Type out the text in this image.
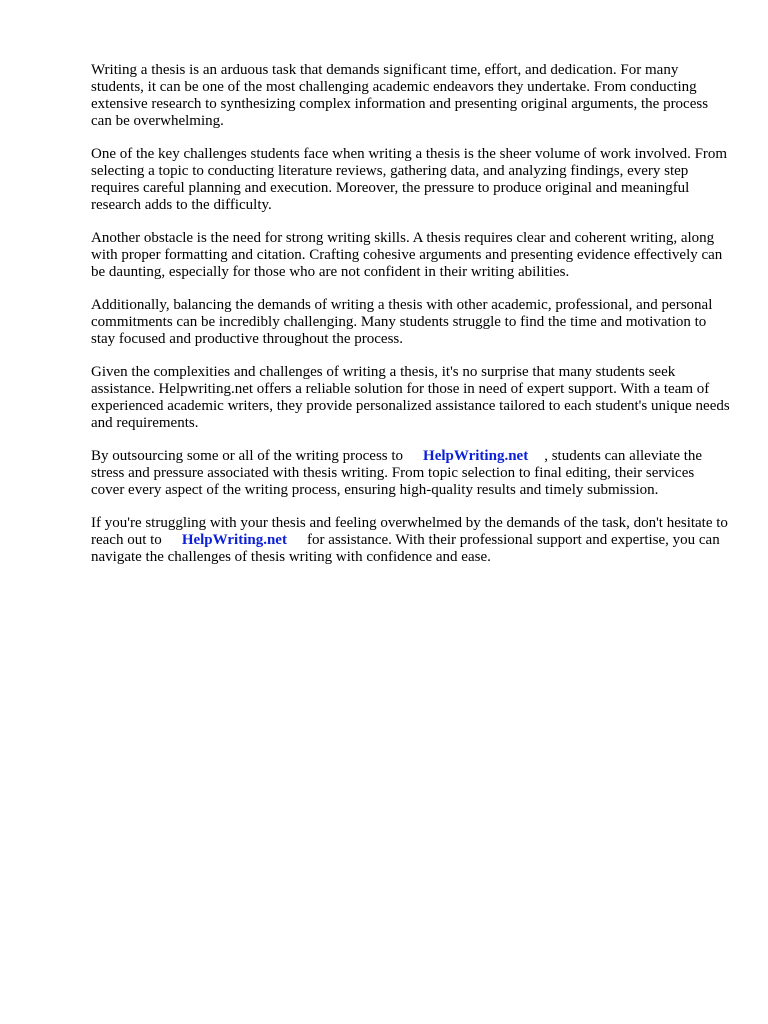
Writing a thesis is an arduous task that demands significant time, effort, and dedication. For many students, it can be one of the most challenging academic endeavors they undertake. From conducting extensive research to synthesizing complex information and presenting original arguments, the process can be overwhelming.

One of the key challenges students face when writing a thesis is the sheer volume of work involved. From selecting a topic to conducting literature reviews, gathering data, and analyzing findings, every step requires careful planning and execution. Moreover, the pressure to produce original and meaningful research adds to the difficulty.

Another obstacle is the need for strong writing skills. A thesis requires clear and coherent writing, along with proper formatting and citation. Crafting cohesive arguments and presenting evidence effectively can be daunting, especially for those who are not confident in their writing abilities.

Additionally, balancing the demands of writing a thesis with other academic, professional, and personal commitments can be incredibly challenging. Many students struggle to find the time and motivation to stay focused and productive throughout the process.

Given the complexities and challenges of writing a thesis, it's no surprise that many students seek assistance. Helpwriting.net offers a reliable solution for those in need of expert support. With a team of experienced academic writers, they provide personalized assistance tailored to each student's unique needs and requirements.

By outsourcing some or all of the writing process to HelpWriting.net , students can alleviate the stress and pressure associated with thesis writing. From topic selection to final editing, their services cover every aspect of the writing process, ensuring high-quality results and timely submission.

If you're struggling with your thesis and feeling overwhelmed by the demands of the task, don't hesitate to reach out to HelpWriting.net for assistance. With their professional support and expertise, you can navigate the challenges of thesis writing with confidence and ease.
